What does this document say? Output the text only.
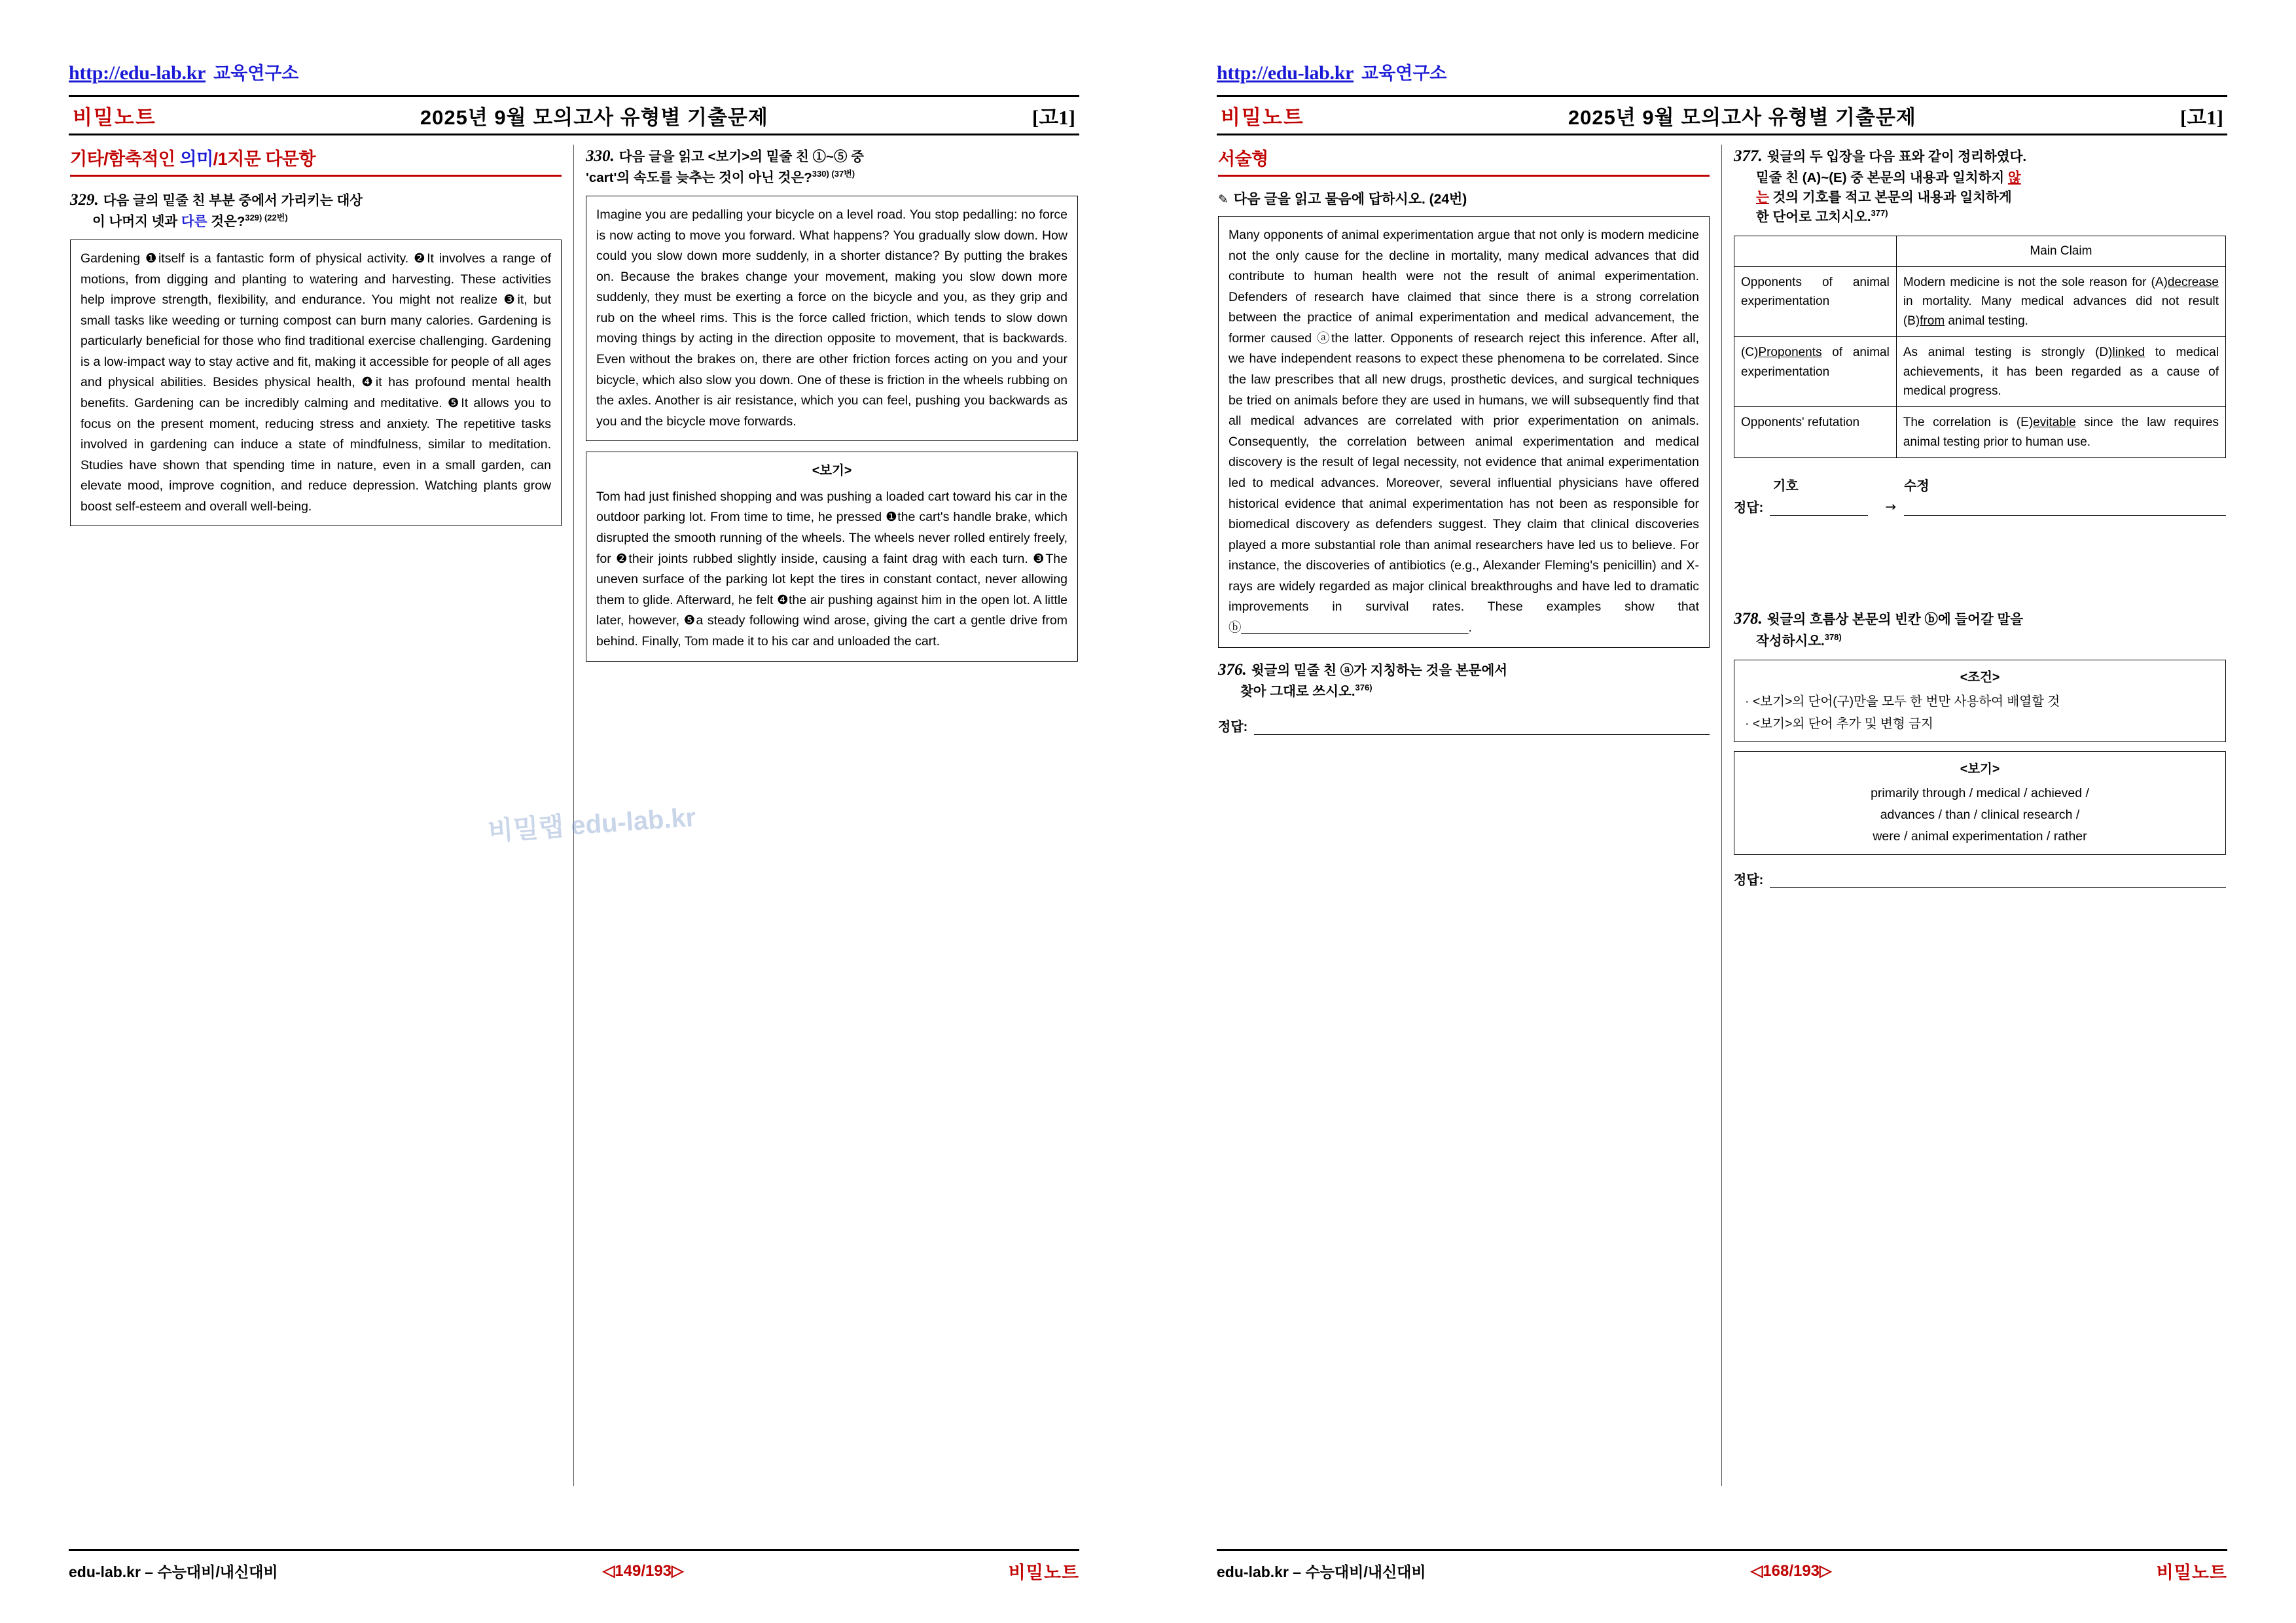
http://edu-lab.kr 교육연구소
비밀노트	2025년 9월 모의고사 유형별 기출문제	[고1]
기타/함축적인 의미/1지문 다문항
329. 다음 글의 밑줄 친 부분 중에서 가리키는 대상
이 나머지 넷과 다른 것은?$^{329) (22번)}$

Gardening ❶itself is a fantastic form of physical activity. ❷It involves a range of motions, from digging and planting to watering and harvesting. These activities help improve strength, flexibility, and endurance. You might not realize ❸it, but small tasks like weeding or turning compost can burn many calories. Gardening is particularly beneficial for those who find traditional exercise challenging. Gardening is a low-impact way to stay active and fit, making it accessible for people of all ages and physical abilities. Besides physical health, ❹it has profound mental health benefits. Gardening can be incredibly calming and meditative. ❺It allows you to focus on the present moment, reducing stress and anxiety. The repetitive tasks involved in gardening can induce a state of mindfulness, similar to meditation. Studies have shown that spending time in nature, even in a small garden, can elevate mood, improve cognition, and reduce depression. Watching plants grow boost self-esteem and overall well-being.

330. 다음 글을 읽고 <보기>의 밑줄 친 ①~⑤ 중
'cart'의 속도를 늦추는 것이 아닌 것은?$^{330) (37번)}$

Imagine you are pedalling your bicycle on a level road. You stop pedalling: no force is now acting to move you forward. What happens? You gradually slow down. How could you slow down more suddenly, in a shorter distance? By putting the brakes on. Because the brakes change your movement, making you slow down more suddenly, they must be exerting a force on the bicycle and you, as they grip and rub on the wheel rims. This is the force called friction, which tends to slow down moving things by acting in the direction opposite to movement, that is backwards. Even without the brakes on, there are other friction forces acting on you and your bicycle, which also slow you down. One of these is friction in the wheels rubbing on the axles. Another is air resistance, which you can feel, pushing you backwards as you and the bicycle move forwards.

<보기>

Tom had just finished shopping and was pushing a loaded cart toward his car in the outdoor parking lot. From time to time, he pressed ❶the cart's handle brake, which disrupted the smooth running of the wheels. The wheels never rolled entirely freely, for ❷their joints rubbed slightly inside, causing a faint drag with each turn. ❸The uneven surface of the parking lot kept the tires in constant contact, never allowing them to glide. Afterward, he felt ❹the air pushing against him in the open lot. A little later, however, ❺a steady following wind arose, giving the cart a gentle drive from behind. Finally, Tom made it to his car and unloaded the cart.

비밀랩 edu-lab.kr
edu-lab.kr – 수능대비/내신대비	◁149/193▷	비밀노트
http://edu-lab.kr 교육연구소
비밀노트	2025년 9월 모의고사 유형별 기출문제	[고1]
서술형
✎ 다음 글을 읽고 물음에 답하시오. (24번)

Many opponents of animal experimentation argue that not only is modern medicine not the only cause for the decline in mortality, many medical advances that did contribute to human health were not the result of animal experimentation. Defenders of research have claimed that since there is a strong correlation between the practice of animal experimentation and medical advancement, the former caused ⓐthe latter. Opponents of research reject this inference. After all, we have independent reasons to expect these phenomena to be correlated. Since the law prescribes that all new drugs, prosthetic devices, and surgical techniques be tried on animals before they are used in humans, we will subsequently find that all medical advances are correlated with prior experimentation on animals. Consequently, the correlation between animal experimentation and medical discovery is the result of legal necessity, not evidence that animal experimentation led to medical advances. Moreover, several influential physicians have offered historical evidence that animal experimentation has not been as responsible for biomedical discovery as defenders suggest. They claim that clinical discoveries played a more substantial role than animal researchers have led us to believe. For instance, the discoveries of antibiotics (e.g., Alexander Fleming's penicillin) and X-rays are widely regarded as major clinical breakthroughs and have led to dramatic improvements in survival rates. These examples show that ⓑ________________________________.

376. 윗글의 밑줄 친 ⓐ가 지칭하는 것을 본문에서
찾아 그대로 쓰시오.$^{376)}$
정답:
377. 윗글의 두 입장을 다음 표와 같이 정리하였다.
밑줄 친 (A)~(E) 중 본문의 내용과 일치하지 않
는 것의 기호를 적고 본문의 내용과 일치하게
한 단어로 고치시오.$^{377)}$
	Main Claim
Opponents of animal experimentation	Modern medicine is not the sole reason for (A)decrease in mortality. Many medical advances did not result (B)from animal testing.
(C)Proponents of animal experimentation	As animal testing is strongly (D)linked to medical achievements, it has been regarded as a cause of medical progress.
Opponents' refutation	The correlation is (E)evitable since the law requires animal testing prior to human use.
기호	수정
정답:	→
378. 윗글의 흐름상 본문의 빈칸 ⓑ에 들어갈 말을
작성하시오.$^{378)}$
<조건>
· <보기>의 단어(구)만을 모두 한 번만 사용하여 배열할 것
· <보기>외 단어 추가 및 변형 금지
<보기>
primarily through / medical / achieved /
advances / than / clinical research /
were / animal experimentation / rather
정답:
edu-lab.kr – 수능대비/내신대비	◁168/193▷	비밀노트
